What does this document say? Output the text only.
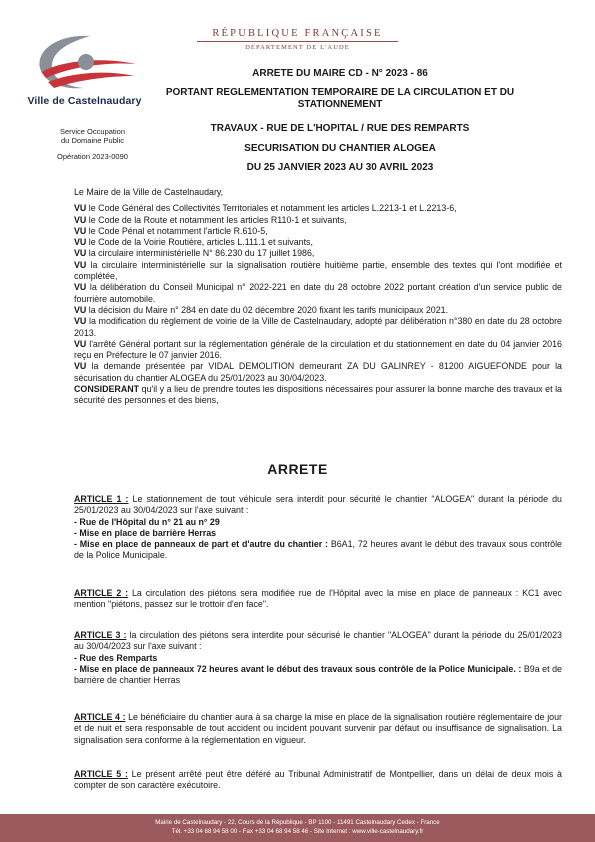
Ville de Castelnaudary
RÉPUBLIQUE FRANÇAISE
DÉPARTEMENT DE L'AUDE
ARRETE DU MAIRE CD - N° 2023 - 86
PORTANT REGLEMENTATION TEMPORAIRE DE LA CIRCULATION ET DU
STATIONNEMENT
TRAVAUX - RUE DE L'HOPITAL / RUE DES REMPARTS
SECURISATION DU CHANTIER ALOGEA
DU 25 JANVIER 2023 AU 30 AVRIL 2023
Service Occupation
du Domaine Public
Opération 2023-0090

Le Maire de la Ville de Castelnaudary,

VU le Code Général des Collectivités Territoriales et notamment les articles L.2213-1 et L.2213-6,

VU le Code de la Route et notamment les articles R110-1 et suivants,

VU le Code Pénal et notamment l'article R.610-5,

VU le Code de la Voirie Routière, articles L.111.1 et suivants,

VU la circulaire interministérielle N° 86.230 du 17 juillet 1986,

VU la circulaire interministérielle sur la signalisation routière huitième partie, ensemble des textes qui l'ont modifiée et complétée,

VU la délibération du Conseil Municipal n° 2022-221 en date du 28 octobre 2022 portant création d'un service public de fourrière automobile.

VU la décision du Maire n° 284 en date du 02 décembre 2020 fixant les tarifs municipaux 2021.

VU la modification du règlement de voirie de la Ville de Castelnaudary, adopté par délibération n°380 en date du 28 octobre 2013.

VU l'arrêté Général portant sur la réglementation générale de la circulation et du stationnement en date du 04 janvier 2016 reçu en Préfecture le 07 janvier 2016.

VU la demande présentée par VIDAL DEMOLITION demeurant ZA DU GALINREY - 81200 AIGUEFONDE pour la sécurisation du chantier ALOGEA du 25/01/2023 au 30/04/2023.

CONSIDERANT qu'il y a lieu de prendre toutes les dispositions nécessaires pour assurer la bonne marche des travaux et la sécurité des personnes et des biens,

ARRETE

ARTICLE 1 : Le stationnement de tout véhicule sera interdit pour sécurité le chantier "ALOGEA" durant la période du 25/01/2023 au 30/04/2023 sur l'axe suivant :

- Rue de l'Hôpital du n° 21 au n° 29

- Mise en place de barrière Herras

- Mise en place de panneaux de part et d'autre du chantier : B6A1, 72 heures avant le début des travaux sous contrôle de la Police Municipale.

ARTICLE 2 : La circulation des piétons sera modifiée rue de l'Hôpital avec la mise en place de panneaux : KC1 avec mention "piétons, passez sur le trottoir d'en face".

ARTICLE 3 : la circulation des piétons sera interdite pour sécurisé le chantier "ALOGEA" durant la période du 25/01/2023 au 30/04/2023 sur l'axe suivant :

- Rue des Remparts

- Mise en place de panneaux 72 heures avant le début des travaux sous contrôle de la Police Municipale. : B9a et de barrière de chantier Herras

ARTICLE 4 : Le bénéficiaire du chantier aura à sa charge la mise en place de la signalisation routière réglementaire de jour et de nuit et sera responsable de tout accident ou incident pouvant survenir par défaut ou insuffisance de signalisation. La signalisation sera conforme à la réglementation en vigueur.

ARTICLE 5 : Le présent arrêté peut être déféré au Tribunal Administratif de Montpellier, dans un délai de deux mois à compter de son caractère exécutoire.

Mairie de Castelnaudary - 22, Cours de la République - BP 1100 - 11491 Castelnaudary Cedex - France
Tél. +33 04 68 94 58 00 - Fax +33 04 68 94 58 46 - Site Internet : www.ville-castelnaudary.fr
